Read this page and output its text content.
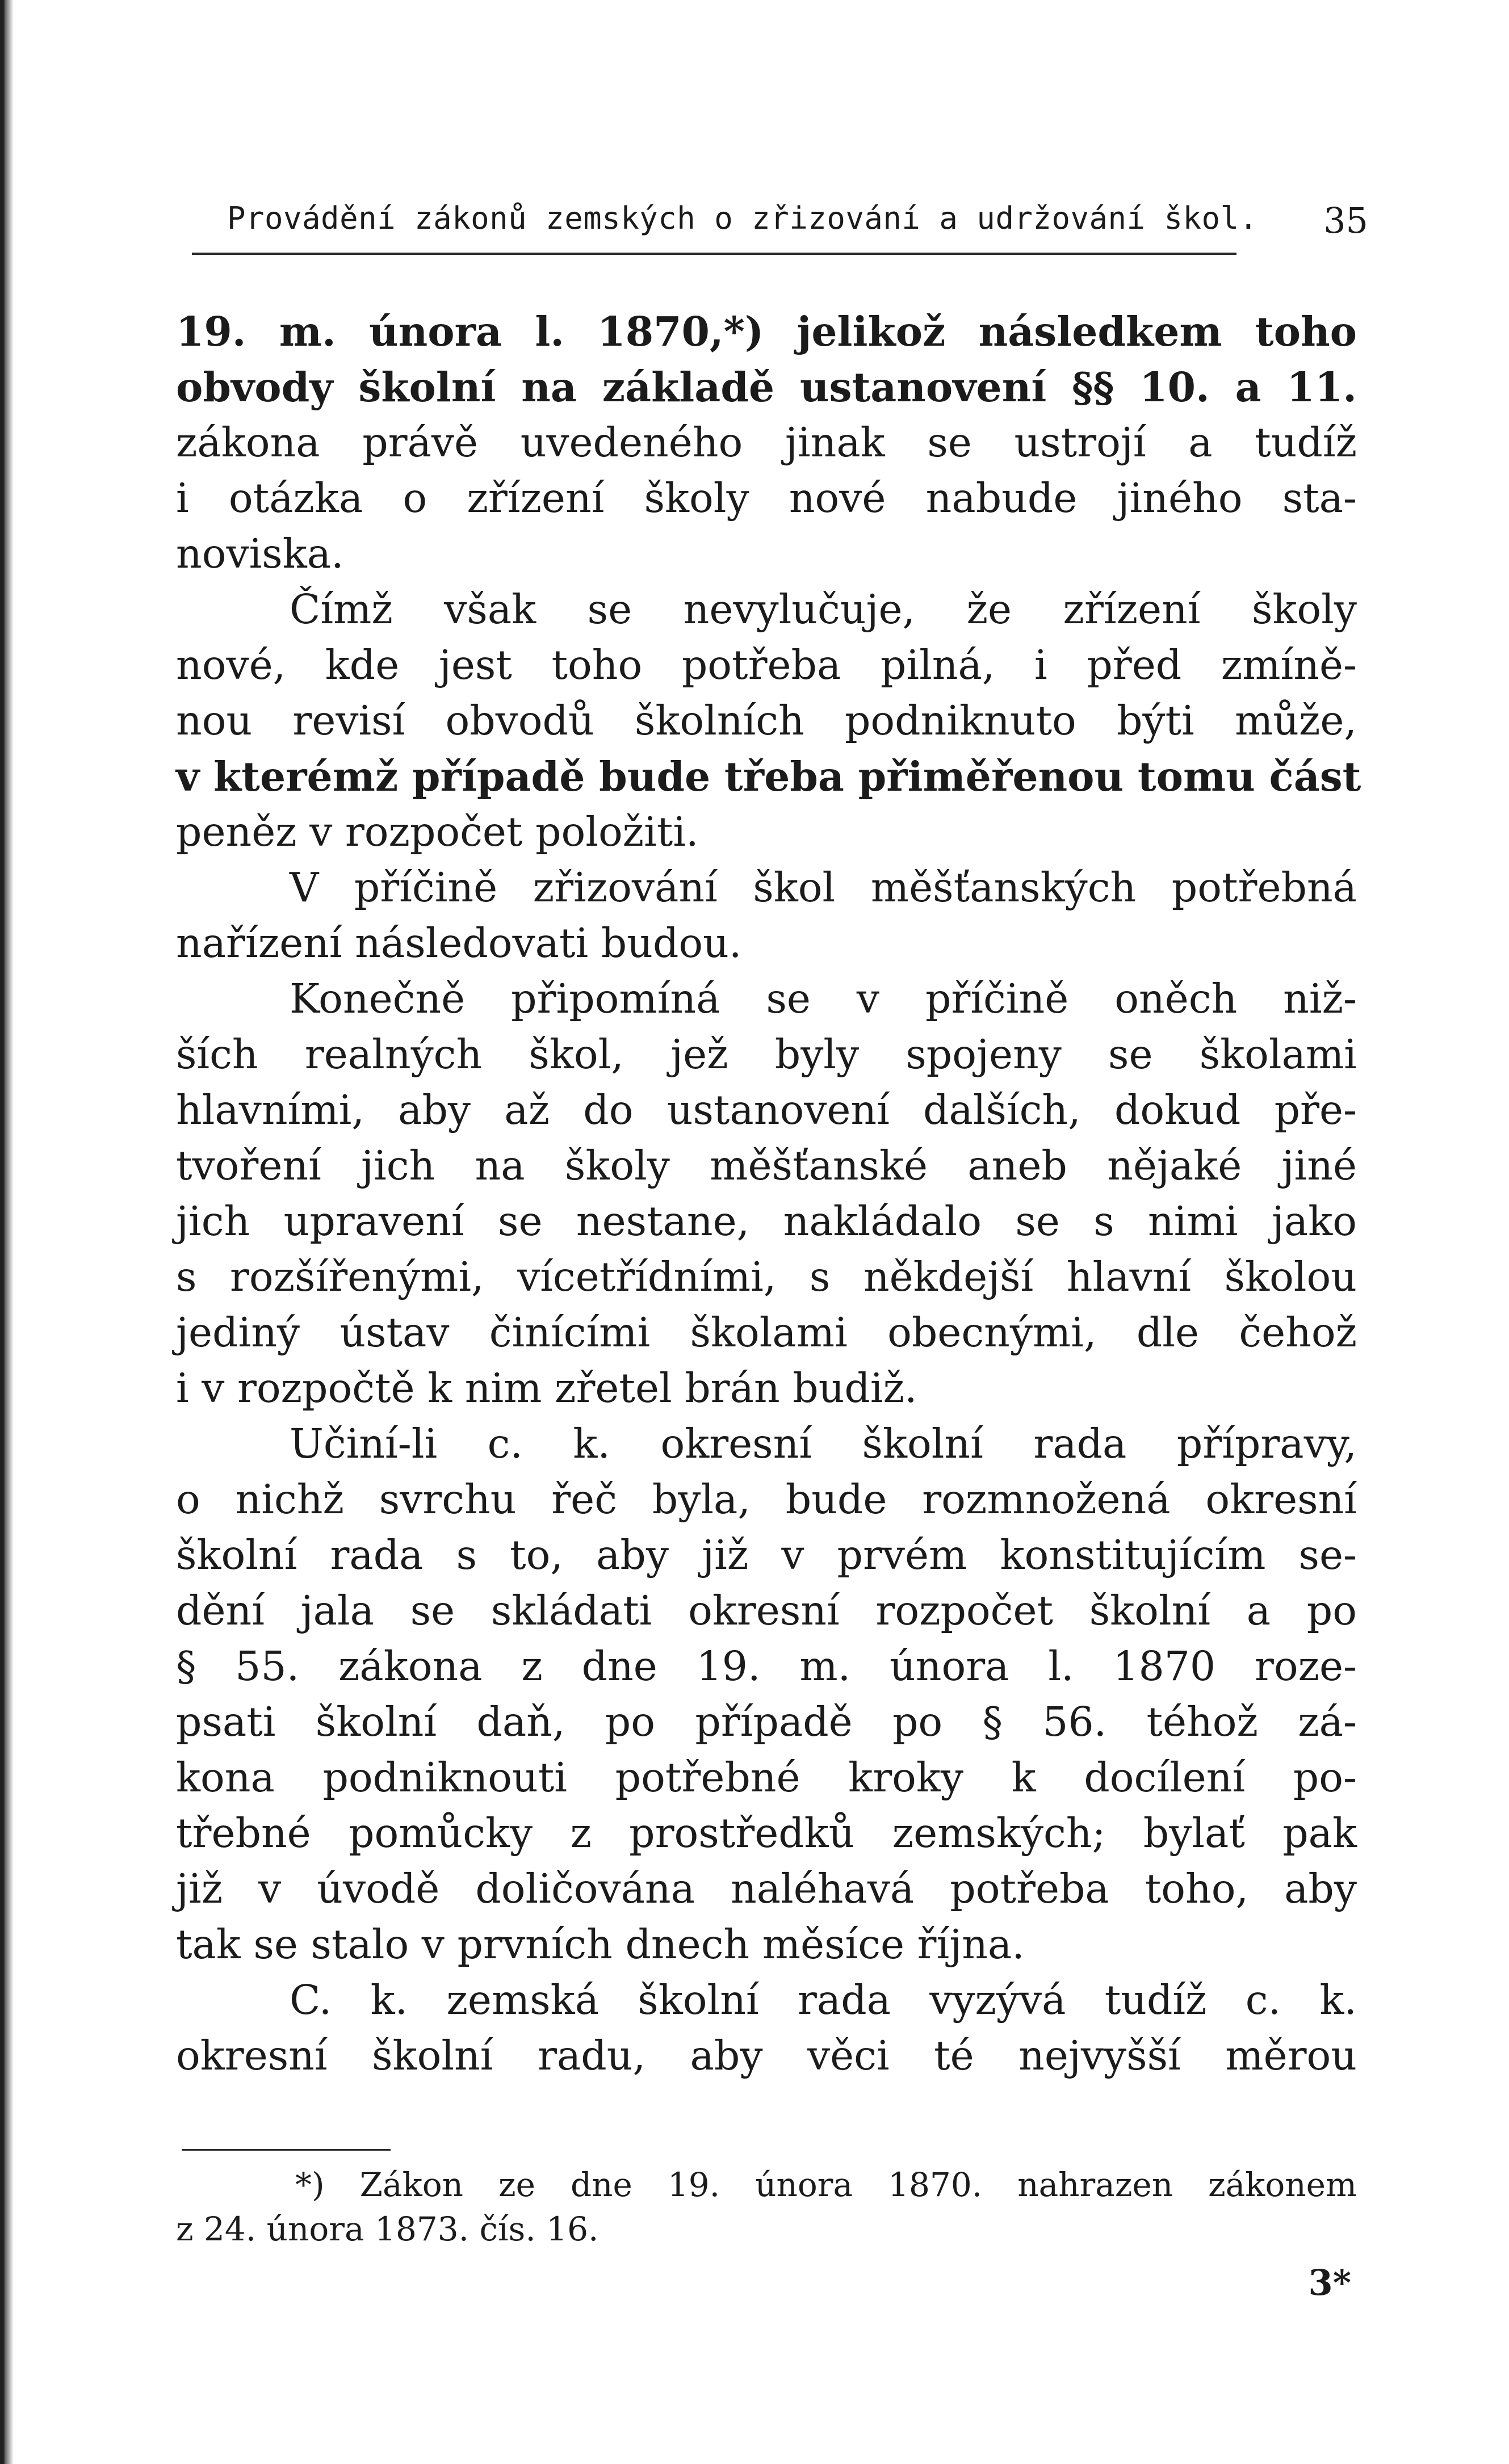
Provádění zákonů zemských o zřizování a udržování škol. 35
19. m. února l. 1870,*) jelikož následkem toho
obvody školní na základě ustanovení §§ 10. a 11.
zákona právě uvedeného jinak se ustrojí a tudíž
i otázka o zřízení školy nové nabude jiného sta-
noviska.
Čímž však se nevylučuje, že zřízení školy
nové, kde jest toho potřeba pilná, i před zmíně-
nou revisí obvodů školních podniknuto býti může,
v kterémž případě bude třeba přiměřenou tomu část
peněz v rozpočet položiti.
V příčině zřizování škol měšťanských potřebná
nařízení následovati budou.
Konečně připomíná se v příčině oněch niž-
ších realných škol, jež byly spojeny se školami
hlavními, aby až do ustanovení dalších, dokud pře-
tvoření jich na školy měšťanské aneb nějaké jiné
jich upravení se nestane, nakládalo se s nimi jako
s rozšířenými, vícetřídními, s někdejší hlavní školou
jediný ústav činícími školami obecnými, dle čehož
i v rozpočtě k nim zřetel brán budiž.
Učiní-li c. k. okresní školní rada přípravy,
o nichž svrchu řeč byla, bude rozmnožená okresní
školní rada s to, aby již v prvém konstitujícím se-
dění jala se skládati okresní rozpočet školní a po
§ 55. zákona z dne 19. m. února l. 1870 roze-
psati školní daň, po případě po § 56. téhož zá-
kona podniknouti potřebné kroky k docílení po-
třebné pomůcky z prostředků zemských; bylať pak
již v úvodě doličována naléhavá potřeba toho, aby
tak se stalo v prvních dnech měsíce října.
C. k. zemská školní rada vyzývá tudíž c. k.
okresní školní radu, aby věci té nejvyšší měrou
*) Zákon ze dne 19. února 1870. nahrazen zákonem
z 24. února 1873. čís. 16.
3*
